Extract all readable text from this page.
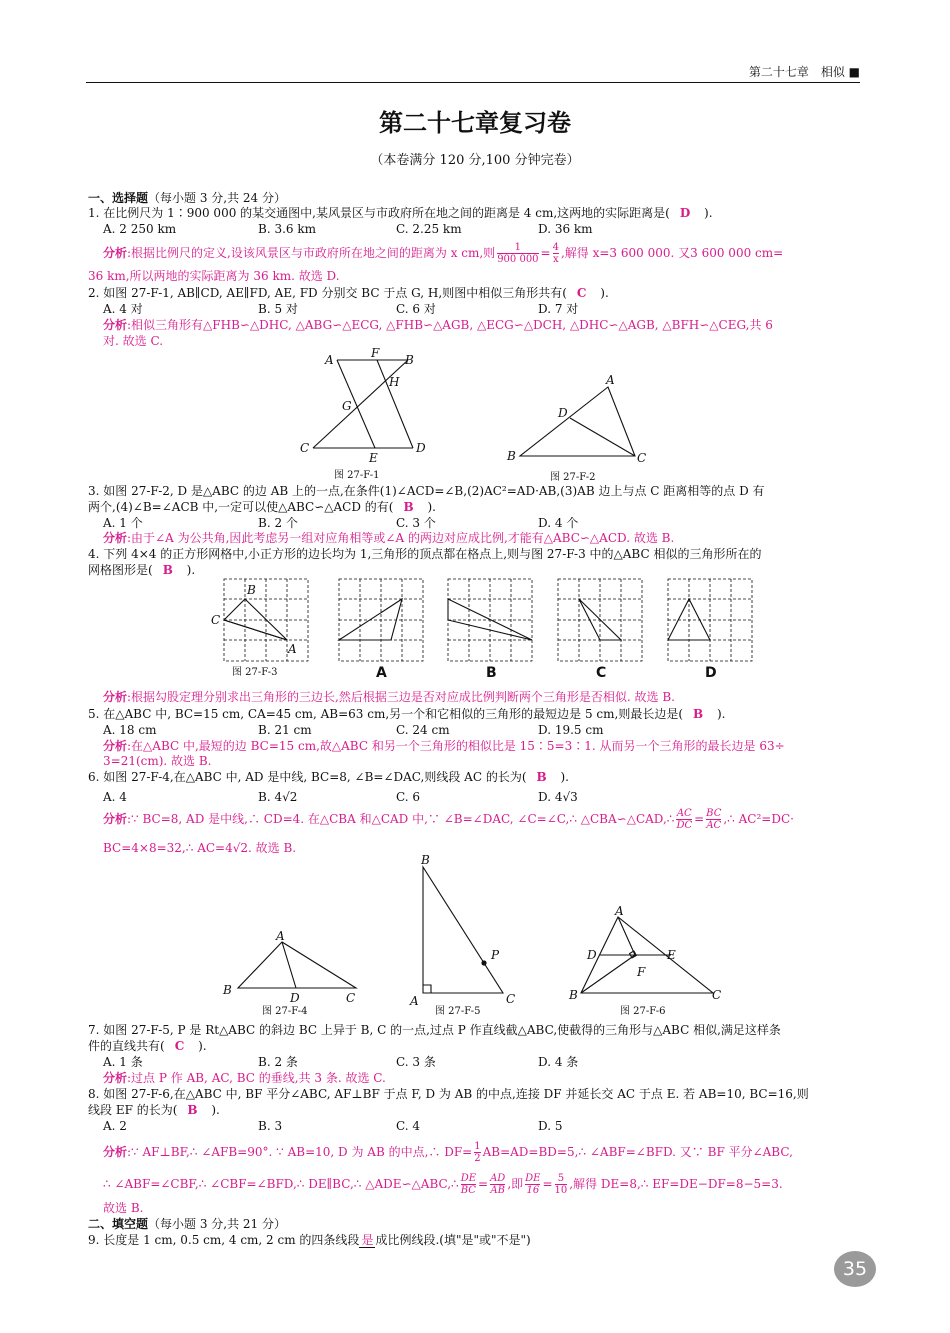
第二十七章　相似 ■
第二十七章复习卷
（本卷满分 120 分,100 分钟完卷）
一、选择题（每小题 3 分,共 24 分）
1. 在比例尺为 1∶900 000 的某交通图中,某风景区与市政府所在地之间的距离是 4 cm,这两地的实际距离是( D ).
A. 2 250 km	B. 3.6 km	C. 2.25 km	D. 36 km
分析:根据比例尺的定义,设该风景区与市政府所在地之间的距离为 x cm,则 $\frac{1}{900 000} = \frac{4}{x}$ ,解得 x=3 600 000. 又3 600 000 cm=
36 km,所以两地的实际距离为 36 km. 故选 D.
2. 如图 27-F-1, AB∥CD, AE∥FD, AE, FD 分别交 BC 于点 G, H,则图中相似三角形共有( C ).
A. 4 对	B. 5 对	C. 6 对	D. 7 对
分析:相似三角形有△FHB∽△DHC, △ABG∽△ECG, △FHB∽△AGB, △ECG∽△DCH, △DHC∽△AGB, △BFH∽△CEG,共 6
对. 故选 C.
A	F B
H
G
C
E
D
图 27-F-1
A
D
B	C
图 27-F-2
3. 如图 27-F-2, D 是△ABC 的边 AB 上的一点,在条件(1)∠ACD=∠B,(2)AC²=AD·AB,(3)AB 边上与点 C 距离相等的点 D 有
两个,(4)∠B=∠ACB 中,一定可以使△ABC∽△ACD 的有( B ).
A. 1 个	B. 2 个	C. 3 个	D. 4 个
分析:由于∠A 为公共角,因此考虑另一组对应角相等或∠A 的两边对应成比例,才能有△ABC∽△ACD. 故选 B.
4. 下列 4×4 的正方形网格中,小正方形的边长均为 1,三角形的顶点都在格点上,则与图 27-F-3 中的△ABC 相似的三角形所在的
网格图形是( B ).
B
C
A
图 27-F-3	A	B	C	D
分析:根据勾股定理分别求出三角形的三边长,然后根据三边是否对应成比例判断两个三角形是否相似. 故选 B.
5. 在△ABC 中, BC=15 cm, CA=45 cm, AB=63 cm,另一个和它相似的三角形的最短边是 5 cm,则最长边是( B ).
A. 18 cm	B. 21 cm	C. 24 cm	D. 19.5 cm
分析:在△ABC 中,最短的边 BC=15 cm,故△ABC 和另一个三角形的相似比是 15∶5=3∶1. 从而另一个三角形的最长边是 63÷
3=21(cm). 故选 B.
6. 如图 27-F-4,在△ABC 中, AD 是中线, BC=8, ∠B=∠DAC,则线段 AC 的长为( B ).
A. 4	B. 4√2	C. 6	D. 4√3
分析:∵ BC=8, AD 是中线,∴ CD=4. 在△CBA 和△CAD 中,∵ ∠B=∠DAC, ∠C=∠C,∴ △CBA∽△CAD,∴ $\frac{AC}{DC} = \frac{BC}{AC}$ ,∴ AC²=DC·
BC=4×8=32,∴ AC=4√2. 故选 B.
A
B
D	C
图 27-F-4
B
P
A	C
图 27-F-5
A
D	E
F
B	C
图 27-F-6
7. 如图 27-F-5, P 是 Rt△ABC 的斜边 BC 上异于 B, C 的一点,过点 P 作直线截△ABC,使截得的三角形与△ABC 相似,满足这样条
件的直线共有( C ).
A. 1 条	B. 2 条	C. 3 条	D. 4 条
分析:过点 P 作 AB, AC, BC 的垂线,共 3 条. 故选 C.
8. 如图 27-F-6,在△ABC 中, BF 平分∠ABC, AF⊥BF 于点 F, D 为 AB 的中点,连接 DF 并延长交 AC 于点 E. 若 AB=10, BC=16,则
线段 EF 的长为( B ).
A. 2	B. 3	C. 4	D. 5
分析:∵ AF⊥BF,∴ ∠AFB=90°. ∵ AB=10, D 为 AB 的中点,∴ $DF= \frac{1}{2}$ AB=AD=BD=5,∴ ∠ABF=∠BFD. 又∵ BF 平分∠ABC,
∴ ∠ABF=∠CBF,∴ ∠CBF=∠BFD,∴ DE∥BC,∴ △ADE∽△ABC,∴ $\frac{DE}{BC} = \frac{AD}{AB}$ ,即 $\frac{DE}{16} = \frac{5}{10}$ ,解得 DE=8,∴ EF=DE−DF=8−5=3.
故选 B.
二、填空题（每小题 3 分,共 21 分）
9. 长度是 1 cm, 0.5 cm, 4 cm, 2 cm 的四条线段 是 成比例线段.(填"是"或"不是")
35
